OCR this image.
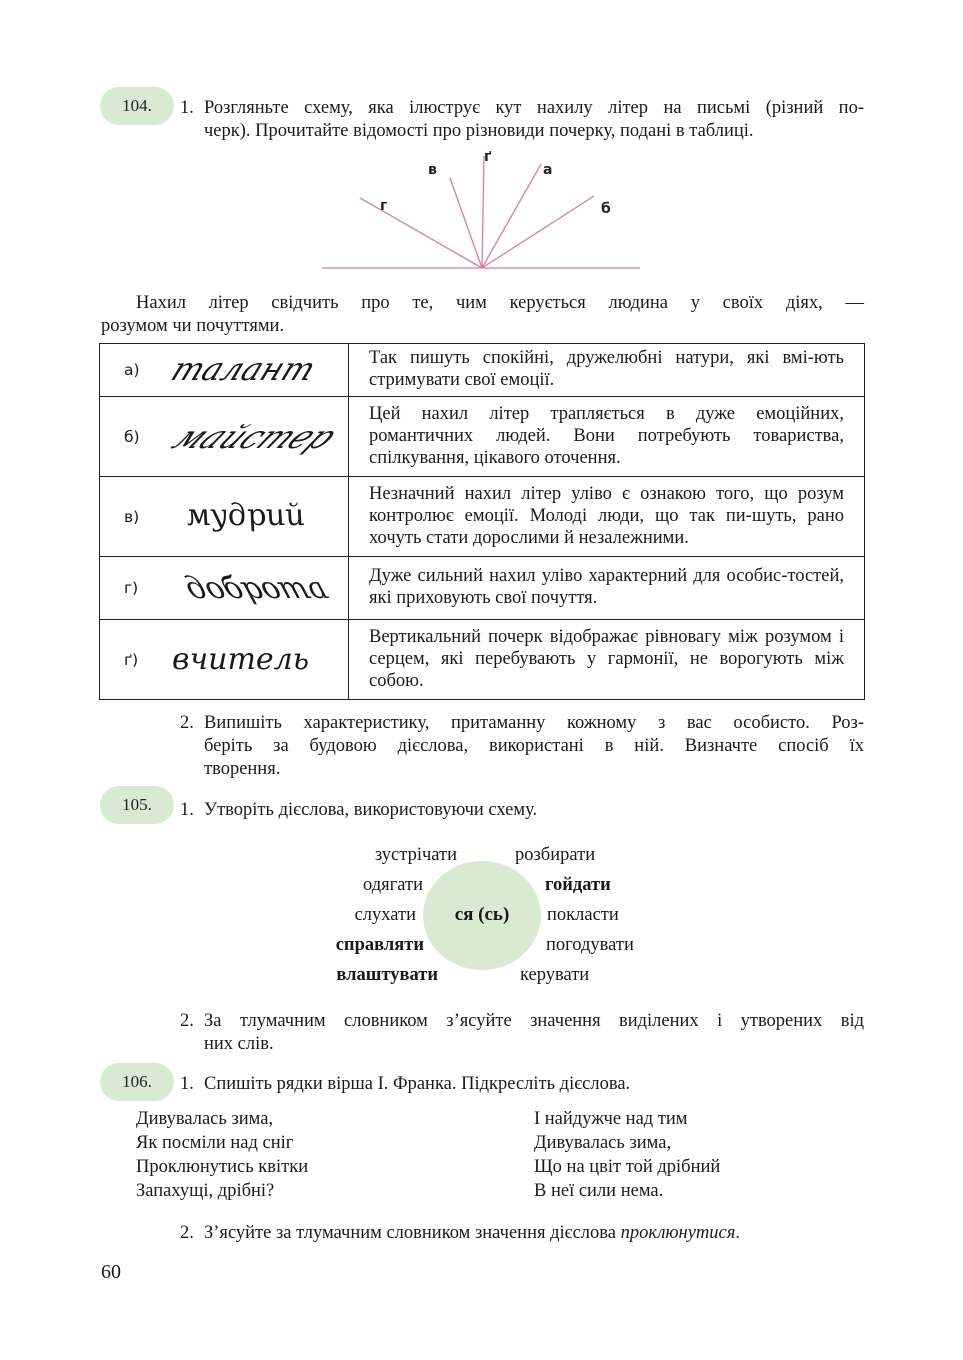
104.	1. Розгляньте схему, яка ілюструє кут нахилу літер на письмі (різний по-
черк). Прочитайте відомості про різновиди почерку, подані в таблиці.
в
ґ
а
г	б
Нахил літер свідчить про те, чим керується людина у своїх діях, —
розумом чи почуттями.
а) талант	Так пишуть спокійні, дружелюбні натури, які вмі-ють стримувати свої емоції.

б) майстер	Цей нахил літер трапляється в дуже емоційних, романтичних людей. Вони потребують товариства, спілкування, цікавого оточення.

в) мудрий	Незначний нахил літер уліво є ознакою того, що розум контролює емоції. Молоді люди, що так пи-шуть, рано хочуть стати дорослими й незалежними.

г) доброта	Дуже сильний нахил уліво характерний для особис-тостей, які приховують свої почуття.

ґ) вчитель	Вертикальний почерк відображає рівновагу між розумом і серцем, які перебувають у гармонії, не ворогують між собою.
2. Випишіть характеристику, притаманну кожному з вас особисто. Роз-
беріть за будовою дієслова, використані в ній. Визначте спосіб їх
творення.
105.	1. Утворіть дієслова, використовуючи схему.
ся (сь)
зустрічати
одягати
слухати
справляти
влаштувати
розбирати
гойдати
покласти
погодувати
керувати
2. За тлумачним словником з’ясуйте значення виділених і утворених від
них слів.
106.	1. Спишіть рядки вірша І. Франка. Підкресліть дієслова.
Дивувалась зима,
Як посміли над сніг
Проклюнутись квітки
Запахущі, дрібні?
І найдужче над тим
Дивувалась зима,
Що на цвіт той дрібний
В неї сили нема.
2. З’ясуйте за тлумачним словником значення дієслова проклюнутися.
60
